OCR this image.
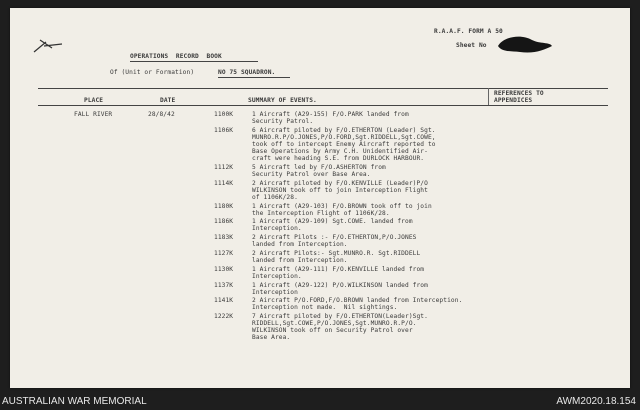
R.A.A.F. FORM A 50
Sheet No
OPERATIONS  RECORD  BOOK
Of (Unit or Formation)	NO 75 SQUADRON.
PLACE	DATE	SUMMARY OF EVENTS.
REFERENCES TO
APPENDICES
FALL RIVER	28/8/42	1100K	1 Aircraft (A29-155) F/O.PARK landed from
Security Patrol.
1106K	6 Aircraft piloted by F/O.ETHERTON (Leader) Sgt.
MUNRO.R.P/O.JONES,P/O.FORD,Sgt.RIDDELL,Sgt.COWE,
took off to intercept Enemy Aircraft reported to
Base Operations by Army C.H. Unidentified Air-
craft were heading S.E. from DURLOCK HARBOUR.
1112K	5 Aircraft led by F/O.ASHERTON from
Security Patrol over Base Area.
1114K	2 Aircraft piloted by F/O.KENVILLE (Leader)P/O
WILKINSON took off to join Interception Flight
of 1106K/28.
1180K	1 Aircraft (A29-103) F/O.BROWN took off to join
the Interception Flight of 1106K/28.
1186K	1 Aircraft (A29-109) Sgt.COWE. landed from
Interception.
1183K	2 Aircraft Pilots :- F/O.ETHERTON,P/O.JONES
landed from Interception.
1127K	2 Aircraft Pilots:- Sgt.MUNRO.R. Sgt.RIDDELL
landed from Interception.
1130K	1 Aircraft (A29-111) F/O.KENVILLE landed from
Interception.
1137K	1 Aircraft (A29-122) P/O.WILKINSON landed from
Interception
1141K	2 Aircraft P/O.FORD,F/O.BROWN landed from Interception.
Interception not made.  Nil sightings.
1222K	7 Aircraft piloted by F/O.ETHERTON(Leader)Sgt.
RIDDELL,Sgt.COWE,P/O.JONES,Sgt.MUNRO.R.P/O.
WILKINSON took off on Security Patrol over
Base Area.
AUSTRALIAN WAR MEMORIAL	AWM2020.18.154
